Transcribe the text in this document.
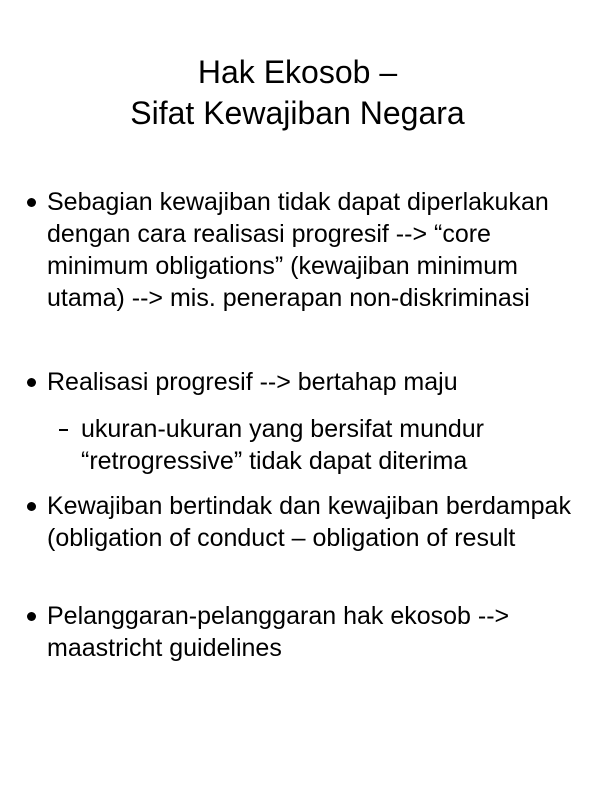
Hak Ekosob –
Sifat Kewajiban Negara
Sebagian kewajiban tidak dapat diperlakukan dengan cara realisasi progresif --> “core minimum obligations” (kewajiban minimum utama) --> mis. penerapan non-diskriminasi
Realisasi progresif --> bertahap maju
ukuran-ukuran yang bersifat mundur “retrogressive” tidak dapat diterima
Kewajiban bertindak dan kewajiban berdampak (obligation of conduct – obligation of result
Pelanggaran-pelanggaran hak ekosob --> maastricht guidelines
